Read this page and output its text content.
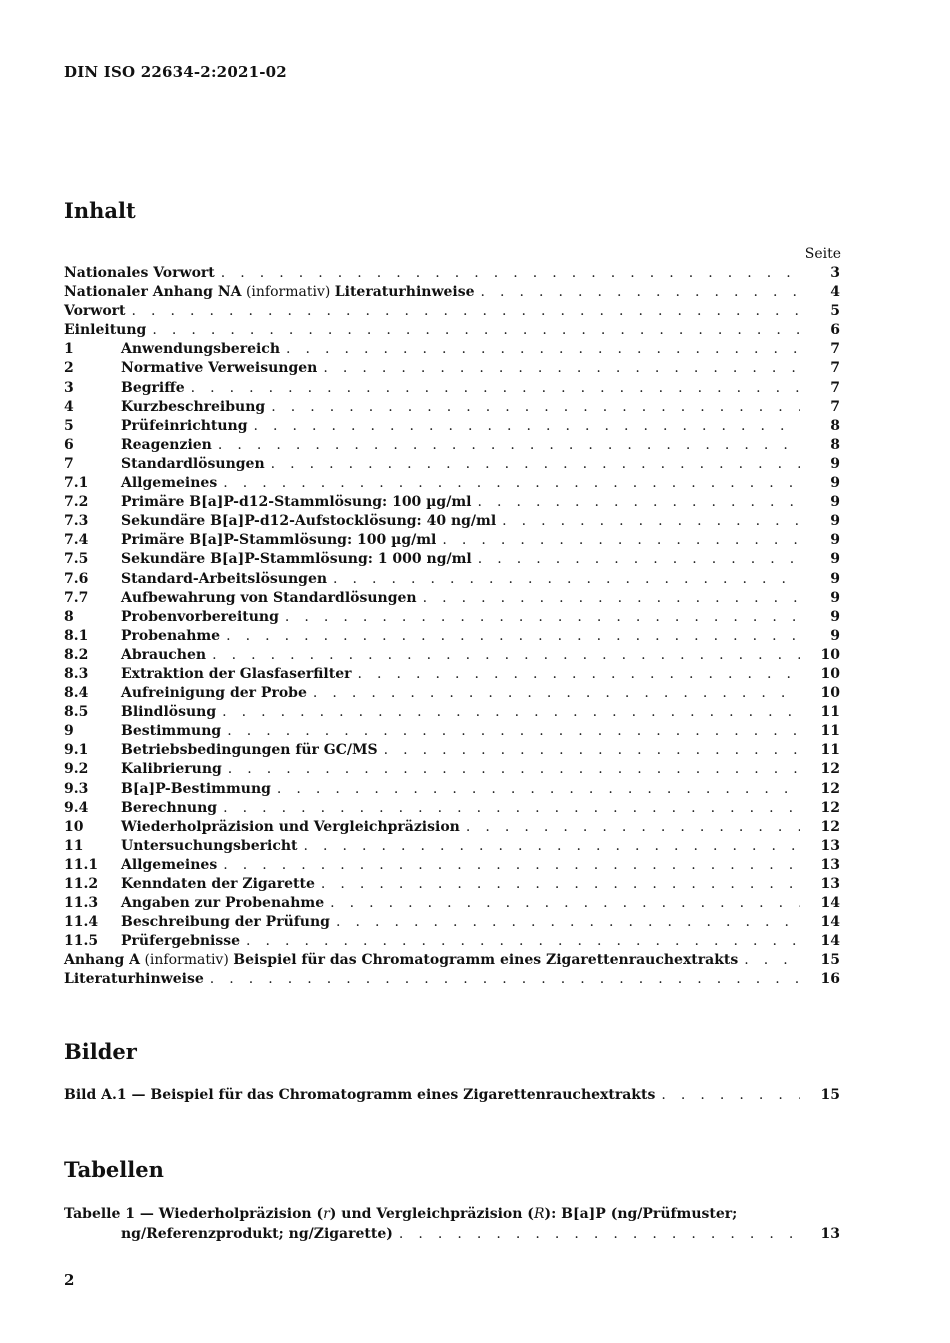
DIN ISO 22634-2:2021-02
Inhalt
Seite
Nationales Vorwort . . .	3
Nationaler Anhang NA (informativ) Literaturhinweise . . .	4
Vorwort . . .	5
Einleitung . . .	6
1	Anwendungsbereich . . .	7
2	Normative Verweisungen . . .	7
3	Begriffe . . .	7
4	Kurzbeschreibung . . .	7
5	Prüfeinrichtung . . .	8
6	Reagenzien . . .	8
7	Standardlösungen . . .	9
7.1	Allgemeines . . .	9
7.2	Primäre B[a]P-d12-Stammlösung: 100 µg/ml . . .	9
7.3	Sekundäre B[a]P-d12-Aufstocklösung: 40 ng/ml . . .	9
7.4	Primäre B[a]P-Stammlösung: 100 µg/ml . . .	9
7.5	Sekundäre B[a]P-Stammlösung: 1 000 ng/ml . . .	9
7.6	Standard-Arbeitslösungen . . .	9
7.7	Aufbewahrung von Standardlösungen . . .	9
8	Probenvorbereitung . . .	9
8.1	Probenahme . . .	9
8.2	Abrauchen . . .	10
8.3	Extraktion der Glasfaserfilter . . .	10
8.4	Aufreinigung der Probe . . .	10
8.5	Blindlösung . . .	11
9	Bestimmung . . .	11
9.1	Betriebsbedingungen für GC/MS . . .	11
9.2	Kalibrierung . . .	12
9.3	B[a]P-Bestimmung . . .	12
9.4	Berechnung . . .	12
10	Wiederholpräzision und Vergleichpräzision . . .	12
11	Untersuchungsbericht . . .	13
11.1	Allgemeines . . .	13
11.2	Kenndaten der Zigarette . . .	13
11.3	Angaben zur Probenahme . . .	14
11.4	Beschreibung der Prüfung . . .	14
11.5	Prüfergebnisse . . .	14
Anhang A (informativ) Beispiel für das Chromatogramm eines Zigarettenrauchextrakts . . .	15
Literaturhinweise . . .	16
Bilder
Bild A.1 — Beispiel für das Chromatogramm eines Zigarettenrauchextrakts . . .	15
Tabellen
Tabelle 1 — Wiederholpräzision (r) und Vergleichpräzision (R): B[a]P (ng/Prüfmuster;
ng/Referenzprodukt; ng/Zigarette) . . .	13
2
